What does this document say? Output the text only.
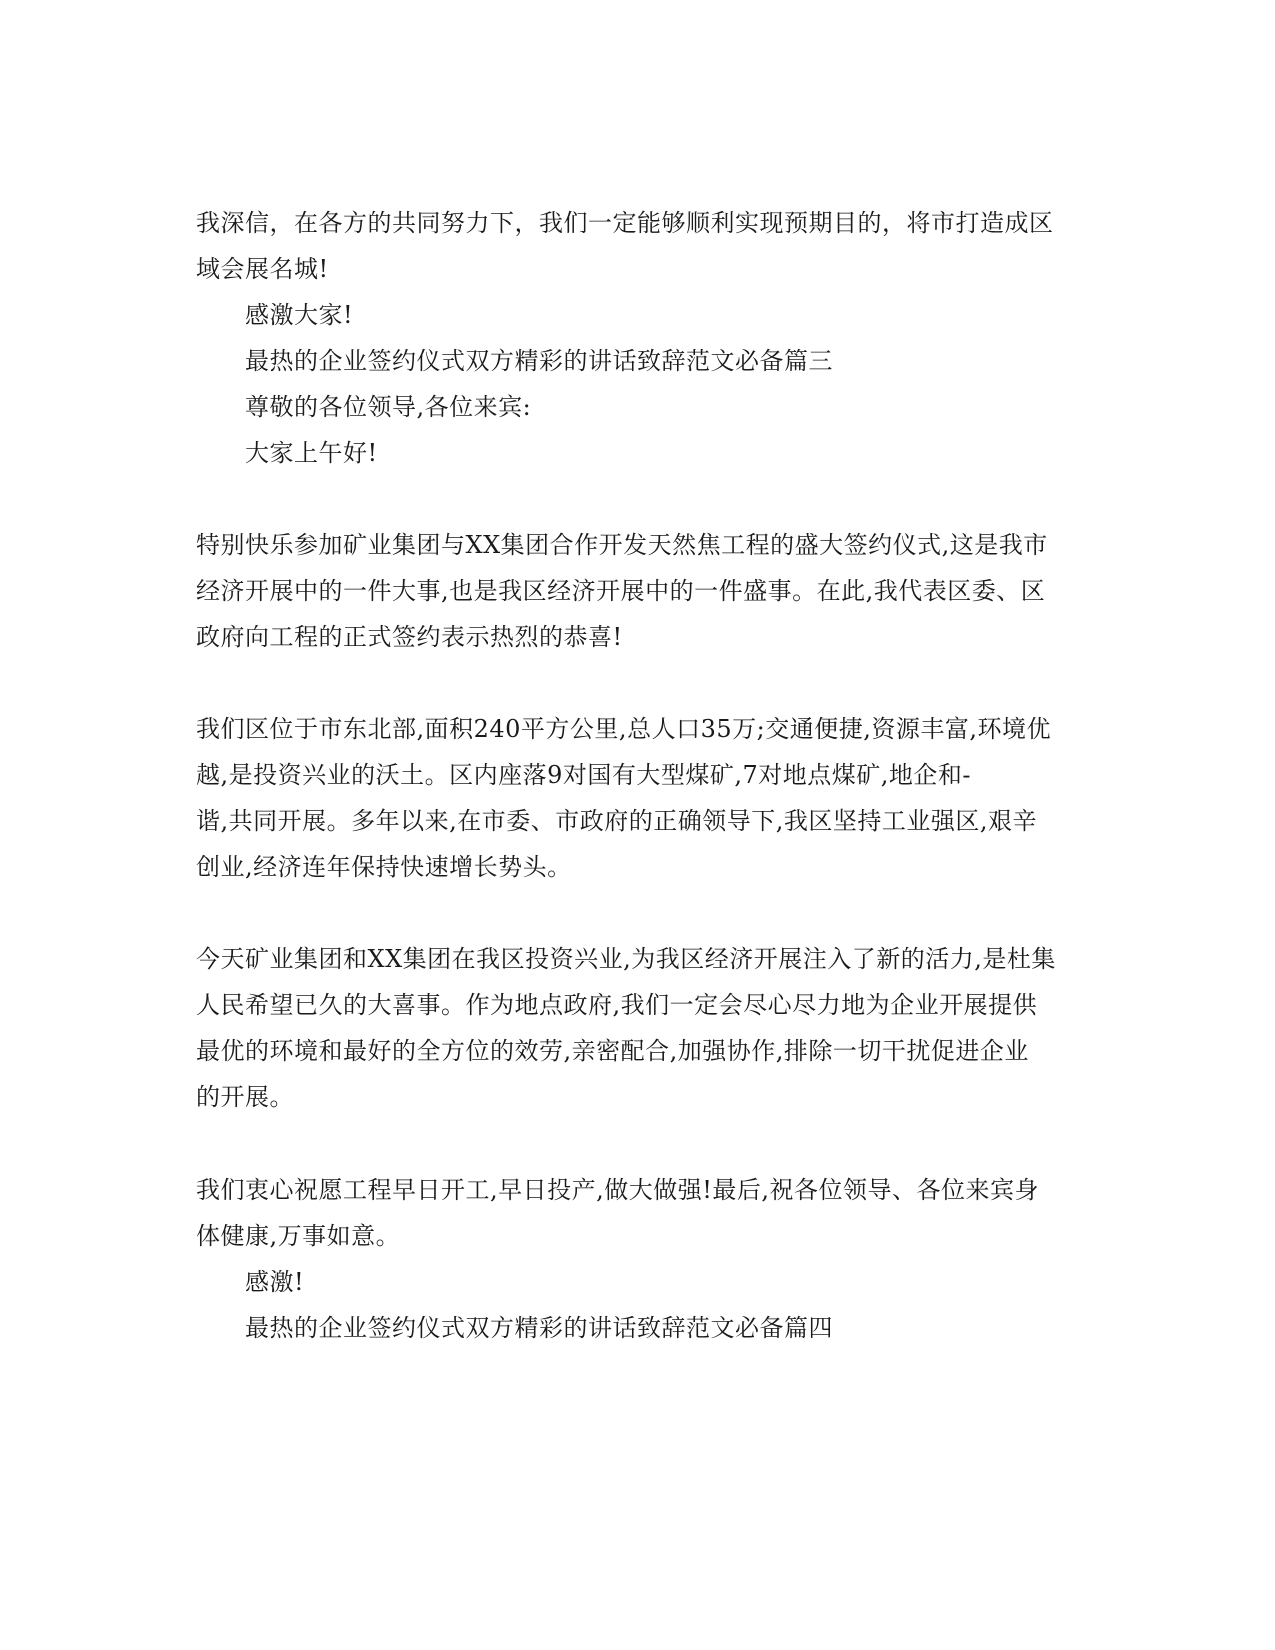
我深信，在各方的共同努力下，我们一定能够顺利实现预期目的，将市打造成区
域会展名城!
感激大家!
最热的企业签约仪式双方精彩的讲话致辞范文必备篇三
尊敬的各位领导,各位来宾:
大家上午好!
特别快乐参加矿业集团与XX集团合作开发天然焦工程的盛大签约仪式,这是我市
经济开展中的一件大事,也是我区经济开展中的一件盛事。在此,我代表区委、区
政府向工程的正式签约表示热烈的恭喜!
我们区位于市东北部,面积240平方公里,总人口35万;交通便捷,资源丰富,环境优
越,是投资兴业的沃土。区内座落9对国有大型煤矿,7对地点煤矿,地企和-
谐,共同开展。多年以来,在市委、市政府的正确领导下,我区坚持工业强区,艰辛
创业,经济连年保持快速增长势头。
今天矿业集团和XX集团在我区投资兴业,为我区经济开展注入了新的活力,是杜集
人民希望已久的大喜事。作为地点政府,我们一定会尽心尽力地为企业开展提供
最优的环境和最好的全方位的效劳,亲密配合,加强协作,排除一切干扰促进企业
的开展。
我们衷心祝愿工程早日开工,早日投产,做大做强!最后,祝各位领导、各位来宾身
体健康,万事如意。
感激!
最热的企业签约仪式双方精彩的讲话致辞范文必备篇四
